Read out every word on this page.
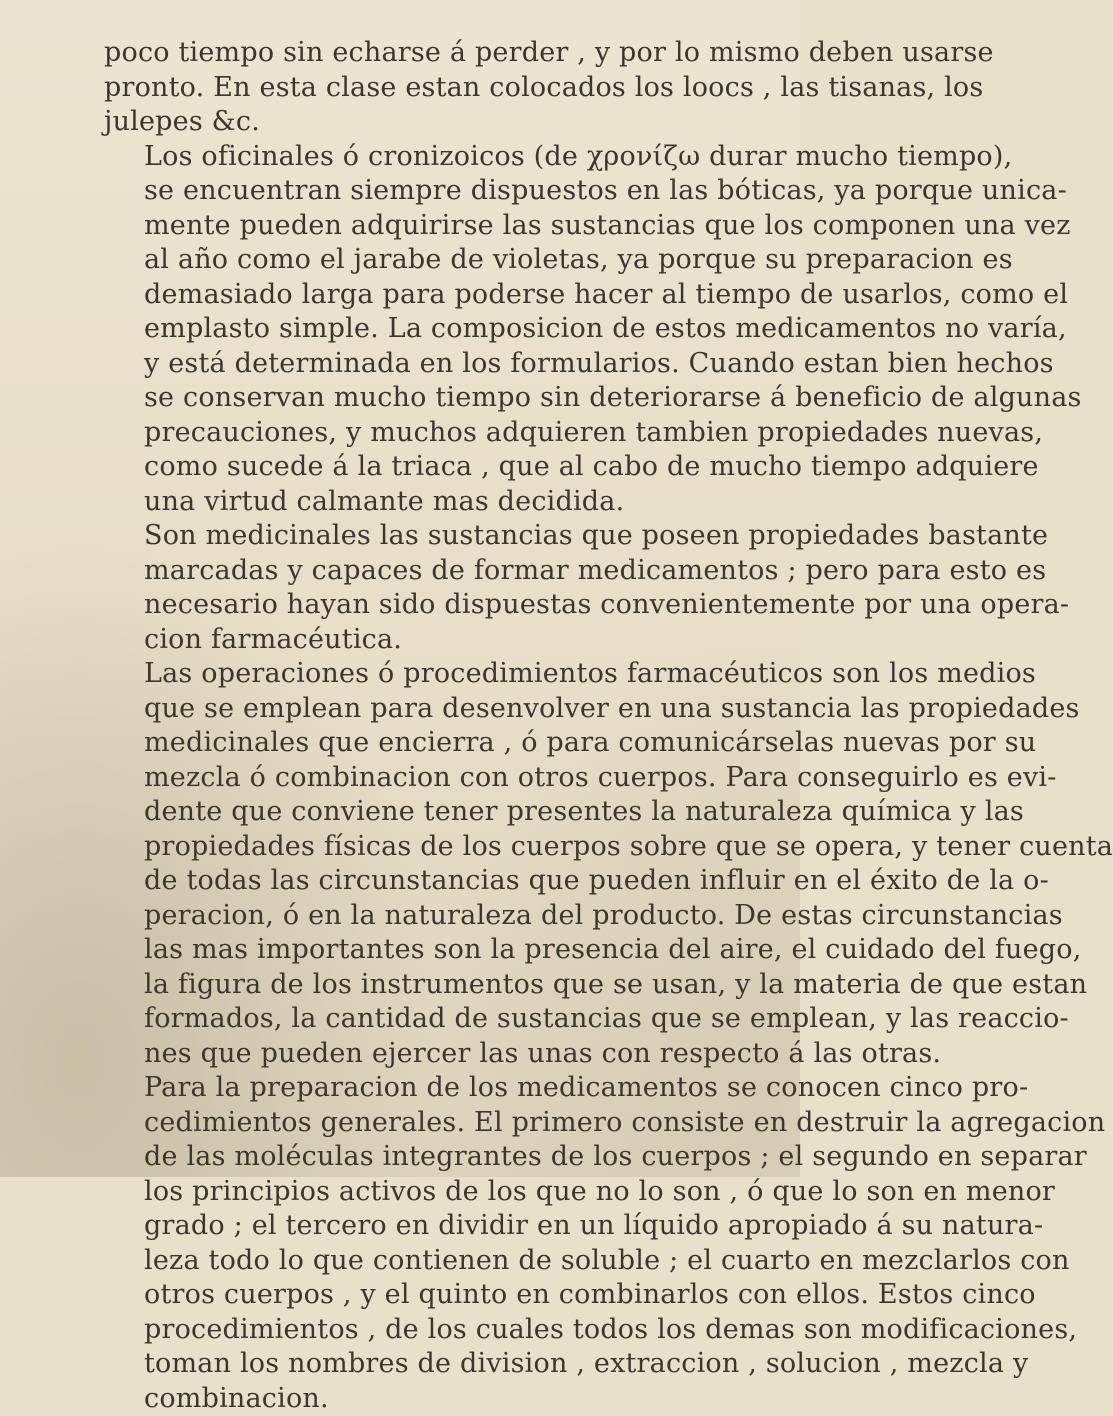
poco tiempo sin echarse á perder , y por lo mismo deben usarse
pronto. En esta clase estan colocados los loocs , las tisanas, los
julepes &c.

Los oficinales ó cronizoicos (de χρονίζω durar mucho tiempo),
se encuentran siempre dispuestos en las bóticas, ya porque unica-
mente pueden adquirirse las sustancias que los componen una vez
al año como el jarabe de violetas, ya porque su preparacion es
demasiado larga para poderse hacer al tiempo de usarlos, como el
emplasto simple. La composicion de estos medicamentos no varía,
y está determinada en los formularios. Cuando estan bien hechos
se conservan mucho tiempo sin deteriorarse á beneficio de algunas
precauciones, y muchos adquieren tambien propiedades nuevas,
como sucede á la triaca , que al cabo de mucho tiempo adquiere
una virtud calmante mas decidida.

Son medicinales las sustancias que poseen propiedades bastante
marcadas y capaces de formar medicamentos ; pero para esto es
necesario hayan sido dispuestas convenientemente por una opera-
cion farmacéutica.

Las operaciones ó procedimientos farmacéuticos son los medios
que se emplean para desenvolver en una sustancia las propiedades
medicinales que encierra , ó para comunicárselas nuevas por su
mezcla ó combinacion con otros cuerpos. Para conseguirlo es evi-
dente que conviene tener presentes la naturaleza química y las
propiedades físicas de los cuerpos sobre que se opera, y tener cuenta
de todas las circunstancias que pueden influir en el éxito de la o-
peracion, ó en la naturaleza del producto. De estas circunstancias
las mas importantes son la presencia del aire, el cuidado del fuego,
la figura de los instrumentos que se usan, y la materia de que estan
formados, la cantidad de sustancias que se emplean, y las reaccio-
nes que pueden ejercer las unas con respecto á las otras.

Para la preparacion de los medicamentos se conocen cinco pro-
cedimientos generales. El primero consiste en destruir la agregacion
de las moléculas integrantes de los cuerpos ; el segundo en separar
los principios activos de los que no lo son , ó que lo son en menor
grado ; el tercero en dividir en un líquido apropiado á su natura-
leza todo lo que contienen de soluble ; el cuarto en mezclarlos con
otros cuerpos , y el quinto en combinarlos con ellos. Estos cinco
procedimientos , de los cuales todos los demas son modificaciones,
toman los nombres de division , extraccion , solucion , mezcla y
combinacion.
